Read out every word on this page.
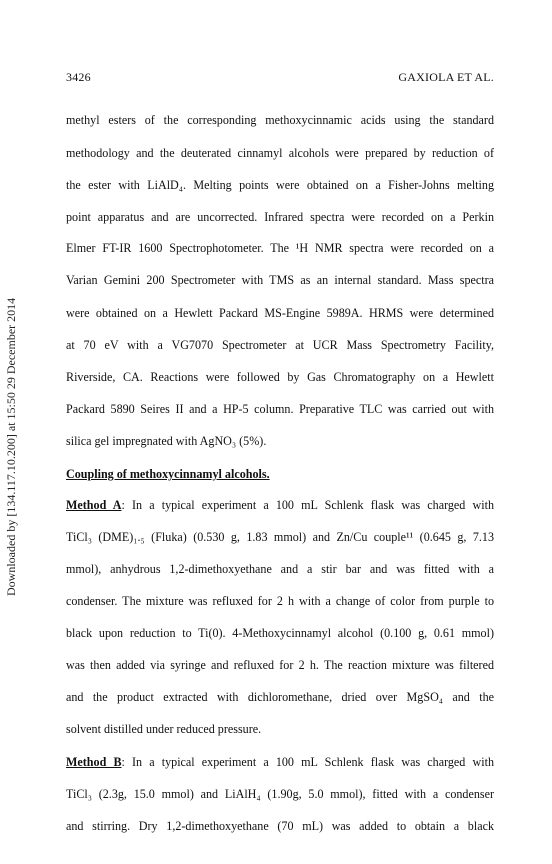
3426	GAXIOLA ET AL.
Downloaded by [134.117.10.200] at 15:50 29 December 2014
methyl esters of the corresponding methoxycinnamic acids using the standard
methodology and the deuterated cinnamyl alcohols were prepared by reduction of
the ester with LiAlD₄. Melting points were obtained on a Fisher-Johns melting
point apparatus and are uncorrected. Infrared spectra were recorded on a Perkin
Elmer FT-IR 1600 Spectrophotometer. The ¹H NMR spectra were recorded on a
Varian Gemini 200 Spectrometer with TMS as an internal standard. Mass spectra
were obtained on a Hewlett Packard MS-Engine 5989A. HRMS were determined
at 70 eV with a VG7070 Spectrometer at UCR Mass Spectrometry Facility,
Riverside, CA. Reactions were followed by Gas Chromatography on a Hewlett
Packard 5890 Seires II and a HP-5 column. Preparative TLC was carried out with
silica gel impregnated with AgNO₃ (5%).
Coupling of methoxycinnamyl alcohols.
Method A: In a typical experiment a 100 mL Schlenk flask was charged with
TiCl₃ (DME)₁.₅ (Fluka) (0.530 g, 1.83 mmol) and Zn/Cu couple¹¹ (0.645 g, 7.13
mmol), anhydrous 1,2-dimethoxyethane and a stir bar and was fitted with a
condenser. The mixture was refluxed for 2 h with a change of color from purple to
black upon reduction to Ti(0). 4-Methoxycinnamyl alcohol (0.100 g, 0.61 mmol)
was then added via syringe and refluxed for 2 h. The reaction mixture was filtered
and the product extracted with dichloromethane, dried over MgSO₄ and the
solvent distilled under reduced pressure.
Method B: In a typical experiment a 100 mL Schlenk flask was charged with
TiCl₃ (2.3g, 15.0 mmol) and LiAlH₄ (1.90g, 5.0 mmol), fitted with a condenser
and stirring. Dry 1,2-dimethoxyethane (70 mL) was added to obtain a black
